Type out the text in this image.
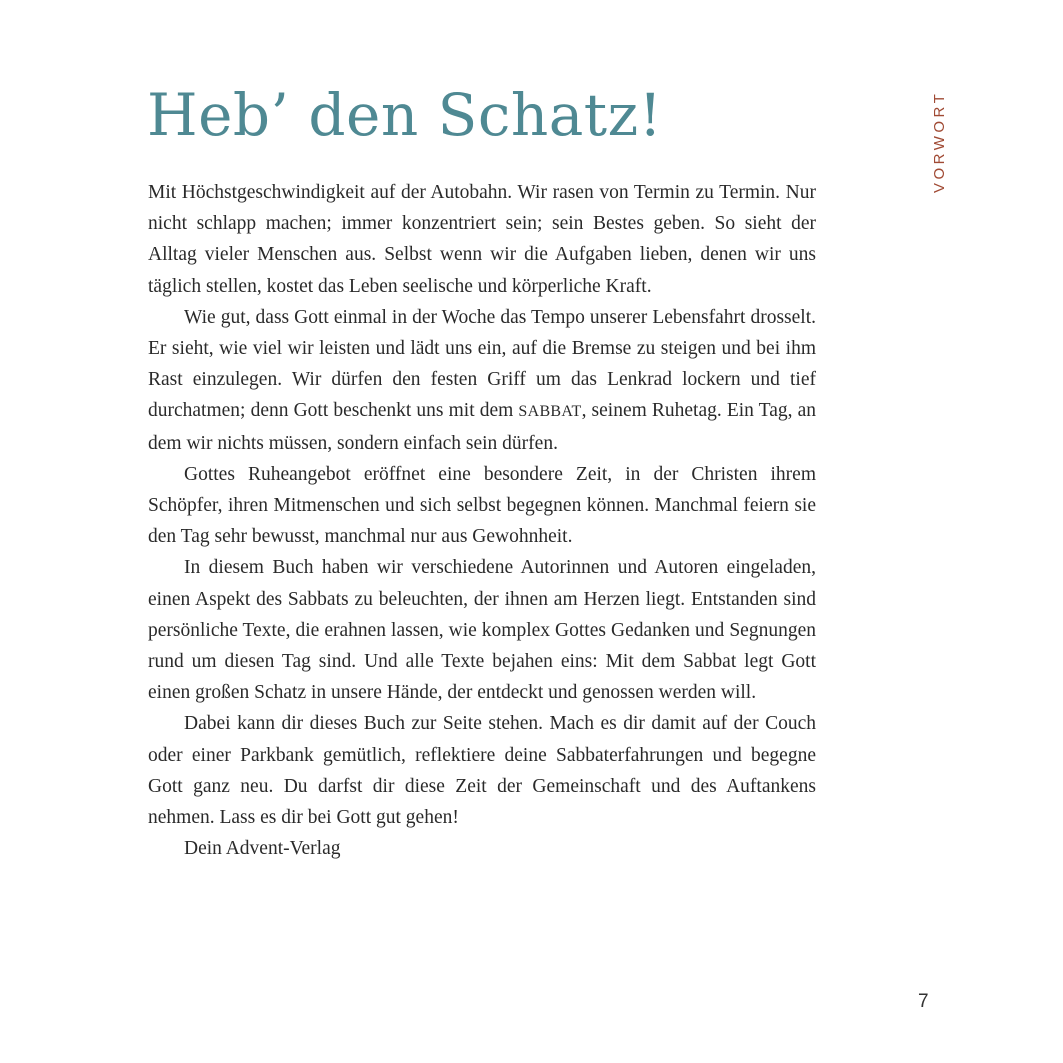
Heb’ den Schatz!

Mit Höchstgeschwindigkeit auf der Autobahn. Wir rasen von Termin zu Termin. Nur nicht schlapp machen; immer konzentriert sein; sein Bestes geben. So sieht der Alltag vieler Menschen aus. Selbst wenn wir die Aufgaben lieben, denen wir uns täglich stellen, kostet das Leben seelische und körperliche Kraft.

Wie gut, dass Gott einmal in der Woche das Tempo unserer Lebensfahrt drosselt. Er sieht, wie viel wir leisten und lädt uns ein, auf die Bremse zu steigen und bei ihm Rast einzulegen. Wir dürfen den festen Griff um das Lenkrad lockern und tief durchatmen; denn Gott beschenkt uns mit dem SABBAT, seinem Ruhetag. Ein Tag, an dem wir nichts müssen, sondern einfach sein dürfen.

Gottes Ruheangebot eröffnet eine besondere Zeit, in der Christen ihrem Schöpfer, ihren Mitmenschen und sich selbst begegnen können. Manchmal feiern sie den Tag sehr bewusst, manchmal nur aus Gewohnheit.

In diesem Buch haben wir verschiedene Autorinnen und Autoren eingeladen, einen Aspekt des Sabbats zu beleuchten, der ihnen am Herzen liegt. Entstanden sind persönliche Texte, die erahnen lassen, wie komplex Gottes Gedanken und Segnungen rund um diesen Tag sind. Und alle Texte bejahen eins: Mit dem Sabbat legt Gott einen großen Schatz in unsere Hände, der entdeckt und genossen werden will.

Dabei kann dir dieses Buch zur Seite stehen. Mach es dir damit auf der Couch oder einer Parkbank gemütlich, reflektiere deine Sabbaterfahrungen und begegne Gott ganz neu. Du darfst dir diese Zeit der Gemeinschaft und des Auftankens nehmen. Lass es dir bei Gott gut gehen!

Dein Advent-Verlag

VORWORT
7
